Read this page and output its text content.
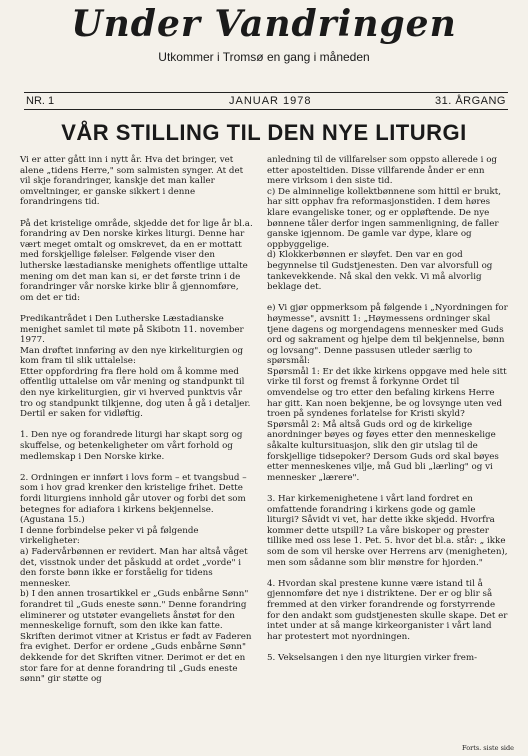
Under Vandringen
Utkommer i Tromsø en gang i måneden
NR. 1	JANUAR 1978	31. ÅRGANG
VÅR STILLING TIL DEN NYE LITURGI

Vi er atter gått inn i nytt år. Hva det bringer, vet alene „tidens Herre," som salmisten synger. At det vil skje forandringer, kanskje det man kaller omveltninger, er ganske sikkert i denne forandringens tid.

På det kristelige område, skjedde det for lige år bl.a. forandring av Den norske kirkes liturgi. Denne har vært meget omtalt og omskrevet, da en er mottatt med forskjellige følelser. Følgende viser den lutherske læstadianske menighets offentlige uttalte mening om det man kan si, er det første trinn i de forandringer vår norske kirke blir å gjennomføre, om det er tid:

Predikantrådet i Den Lutherske Læstadianske menighet samlet til møte på Skibotn 11. november 1977.

Man drøftet innføring av den nye kirkeliturgien og kom fram til slik uttalelse:

Etter oppfordring fra flere hold om å komme med offentlig uttalelse om vår mening og standpunkt til den nye kirkeliturgien, gir vi hverved punktvis vår tro og standpunkt tilkjenne, dog uten å gå i detaljer. Dertil er saken for vidløftig.

1. Den nye og forandrede liturgi har skapt sorg og skuffelse, og betenkeligheter om vårt forhold og medlemskap i Den Norske kirke.

2. Ordningen er innført i lovs form – et tvangsbud – som i hov grad krenker den kristelige frihet. Dette fordi liturgiens innhold går utover og forbi det som betegnes for adiafora i kirkens bekjennelse. (Agustana 15.)

I denne forbindelse peker vi på følgende virkeligheter:

a) Fadervårbønnen er revidert. Man har altså våget det, visstnok under det påskudd at ordet „vorde" i den forste bønn ikke er forståelig for tidens mennesker.

b) I den annen trosartikkel er „Guds enbårne Sønn" forandret til „Guds eneste sønn." Denne forandring eliminerer og utstøter evangeliets ånstøt for den menneskelige fornuft, som den ikke kan fatte. Skriften derimot vitner at Kristus er født av Faderen fra evighet. Derfor er ordene „Guds enbårne Sønn" dekkende for det Skriften vitner. Derimot er det en stor fare for at denne forandring til „Guds eneste sønn" gir støtte og

anledning til de villfarelser som oppsto allerede i og etter aposteltiden. Disse villfarende ånder er enn mere virksom i den siste tid.

c) De alminnelige kollektbønnene som hittil er brukt, har sitt opphav fra reformasjonstiden. I dem høres klare evangeliske toner, og er oppløftende. De nye bønnene tåler derfor ingen sammenligning, de faller ganske igjennom. De gamle var dype, klare og oppbyggelige.

d) Klokkerbønnen er sløyfet. Den var en god begynnelse til Gudstjenesten. Den var alvorsfull og tankevekkende. Nå skal den vekk. Vi må alvorlig beklage det.

e) Vi gjør oppmerksom på følgende i „Nyordningen for høymesse", avsnitt 1: „Høymessens ordninger skal tjene dagens og morgendagens mennesker med Guds ord og sakrament og hjelpe dem til bekjennelse, bønn og lovsang". Denne passusen utleder særlig to spørsmål:

Spørsmål 1: Er det ikke kirkens oppgave med hele sitt virke til forst og fremst å forkynne Ordet til omvendelse og tro etter den befaling kirkens Herre har gitt. Kan noen bekjenne, be og lovsynge uten ved troen på syndenes forlatelse for Kristi skyld?

Spørsmål 2: Må altså Guds ord og de kirkelige anordninger bøyes og føyes etter den menneskelige såkalte kultursituasjon, slik den gir utslag til de forskjellige tidsepoker? Dersom Guds ord skal bøyes etter menneskenes vilje, må Gud bli „lærling" og vi mennesker „lærere".

3. Har kirkemenighetene i vårt land fordret en omfattende forandring i kirkens gode og gamle liturgi? Såvidt vi vet, har dette ikke skjedd. Hvorfra kommer dette utspill? La våre biskoper og prester tillike med oss lese 1. Pet. 5. hvor det bl.a. står: „ ikke som de som vil herske over Herrens arv (menigheten), men som sådanne som blir mønstre for hjorden."

4. Hvordan skal prestene kunne være istand til å gjennomføre det nye i distriktene. Der er og blir så fremmed at den virker forandrende og forstyrrende for den andakt som gudstjenesten skulle skape. Det er intet under at så mange kirkeorganister i vårt land har protestert mot nyordningen.

5. Vekselsangen i den nye liturgien virker frem-

Forts. siste side
